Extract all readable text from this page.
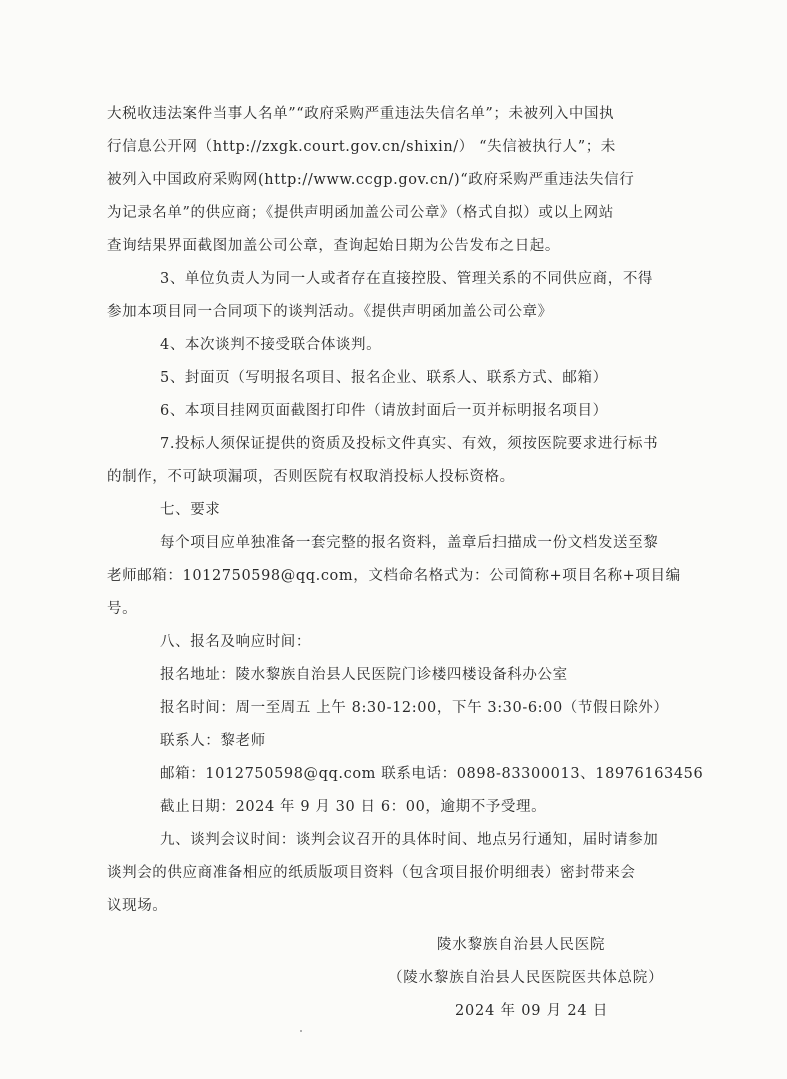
大税收违法案件当事人名单”“政府采购严重违法失信名单”；未被列入中国执
行信息公开网（http://zxgk.court.gov.cn/shixin/） “失信被执行人”；未
被列入中国政府采购网(http://www.ccgp.gov.cn/)“政府采购严重违法失信行
为记录名单”的供应商；《提供声明函加盖公司公章》（格式自拟）或以上网站
查询结果界面截图加盖公司公章，查询起始日期为公告发布之日起。
3、单位负责人为同一人或者存在直接控股、管理关系的不同供应商，不得
参加本项目同一合同项下的谈判活动。《提供声明函加盖公司公章》
4、本次谈判不接受联合体谈判。
5、封面页（写明报名项目、报名企业、联系人、联系方式、邮箱）
6、本项目挂网页面截图打印件（请放封面后一页并标明报名项目）
7.投标人须保证提供的资质及投标文件真实、有效，须按医院要求进行标书
的制作，不可缺项漏项，否则医院有权取消投标人投标资格。
七、要求
每个项目应单独准备一套完整的报名资料，盖章后扫描成一份文档发送至黎
老师邮箱：1012750598@qq.com，文档命名格式为：公司简称+项目名称+项目编
号。
八、报名及响应时间：
报名地址：陵水黎族自治县人民医院门诊楼四楼设备科办公室
报名时间：周一至周五 上午 8:30-12:00，下午 3:30-6:00（节假日除外）
联系人：黎老师
邮箱：1012750598@qq.com 联系电话：0898-83300013、18976163456
截止日期：2024 年 9 月 30 日 6：00，逾期不予受理。
九、谈判会议时间：谈判会议召开的具体时间、地点另行通知，届时请参加
谈判会的供应商准备相应的纸质版项目资料（包含项目报价明细表）密封带来会
议现场。
陵水黎族自治县人民医院
（陵水黎族自治县人民医院医共体总院）
2024 年 09 月 24 日
